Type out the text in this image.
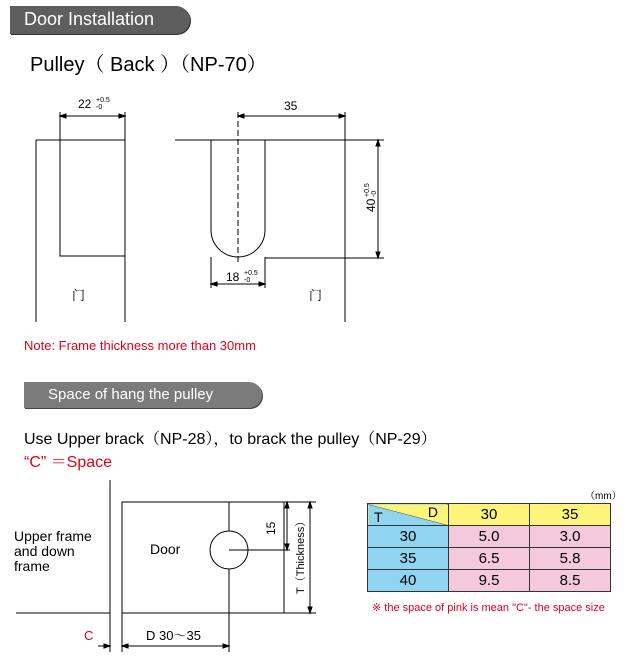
Door Installation
Pulley（ Back ）（NP-70）
22 +0.5
-0
门
35
18 +0.5
-0
40
+0.5 -0
门
Door
15 T（Thickness）
C	D 30〜35
Note: Frame thickness more than 30mm
Space of hang the pulley
Use Upper brack（NP-28），to brack the pulley（NP-29）
“C” ＝Space
Upper frame
and down
frame
（mm）
D
T	30	35
30	5.0	3.0
35	6.5	5.8
40	9.5	8.5
※ the space of pink is mean "C"- the space size
